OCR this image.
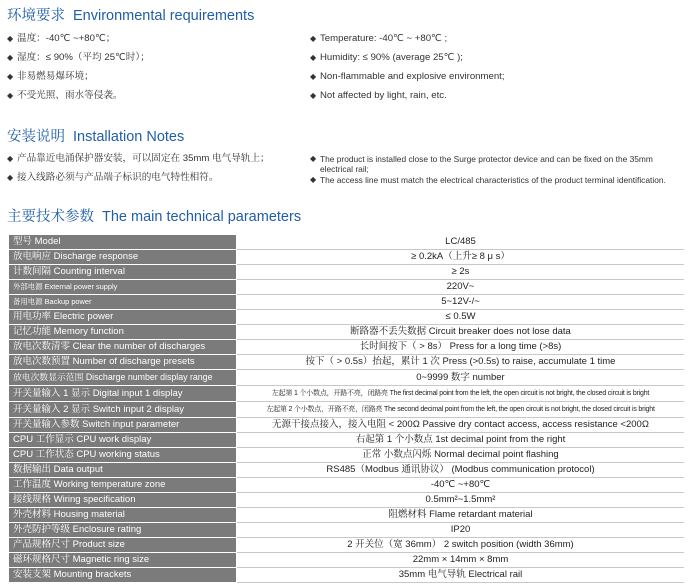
环境要求 Environmental requirements
◆ 温度：-40℃ ~+80℃；
◆ 湿度：≤ 90%（平均 25℃时）；
◆ 非易燃易爆环境；
◆ 不受光照、雨水等侵袭。
◆ Temperature: -40℃ ~ +80℃ ;
◆ Humidity: ≤ 90% (average 25℃ );
◆ Non-flammable and explosive environment;
◆ Not affected by light, rain, etc.
安装说明 Installation Notes
◆ 产品靠近电涌保护器安装，可以固定在 35mm 电气导轨上；
◆ 接入线路必须与产品端子标识的电气特性相符。
◆ The product is installed close to the Surge protector device and can be fixed on the 35mm electrical rail;
◆ The access line must match the electrical characteristics of the product terminal identification.
主要技术参数 The main technical parameters
型号 Model	LC/485
放电响应 Discharge response	≥ 0.2kA（上升≥ 8 μ s）
计数间隔 Counting interval	≥ 2s
外部电源 External power supply	220V~
备用电源 Backup power	5~12V-/~
用电功率 Electric power	≤ 0.5W
记忆功能 Memory function	断路器不丢失数据 Circuit breaker does not lose data
放电次数清零 Clear the number of discharges	长时间按下（ > 8s） Press for a long time (>8s)
放电次数预置 Number of discharge presets	按下（ > 0.5s）抬起，累计 1 次 Press (>0.5s) to raise, accumulate 1 time
放电次数显示范围 Discharge number display range	0~9999 数字 number
开关量输入 1 显示 Digital input 1 display	左起第 1 个小数点，开路不亮，闭路亮 The first decimal point from the left, the open circuit is not bright, the closed circuit is bright
开关量输入 2 显示 Switch input 2 display	左起第 2 个小数点，开路不亮，闭路亮 The second decimal point from the left, the open circuit is not bright, the closed circuit is bright
开关量输入参数 Switch input parameter	无源干接点接入，接入电阻 < 200Ω Passive dry contact access, access resistance <200Ω
CPU 工作显示 CPU work display	右起第 1 个小数点 1st decimal point from the right
CPU 工作状态 CPU working status	正常 小数点闪烁 Normal decimal point flashing
数据输出 Data output	RS485（Modbus 通讯协议） (Modbus communication protocol)
工作温度 Working temperature zone	-40℃ ~+80℃
接线规格 Wiring specification	0.5mm²~1.5mm²
外壳材料 Housing material	阻燃材料 Flame retardant material
外壳防护等级 Enclosure rating	IP20
产品规格尺寸 Product size	2 开关位（宽 36mm） 2 switch position (width 36mm)
磁环规格尺寸 Magnetic ring size	22mm × 14mm × 8mm
安装支架 Mounting brackets	35mm 电气导轨 Electrical rail
